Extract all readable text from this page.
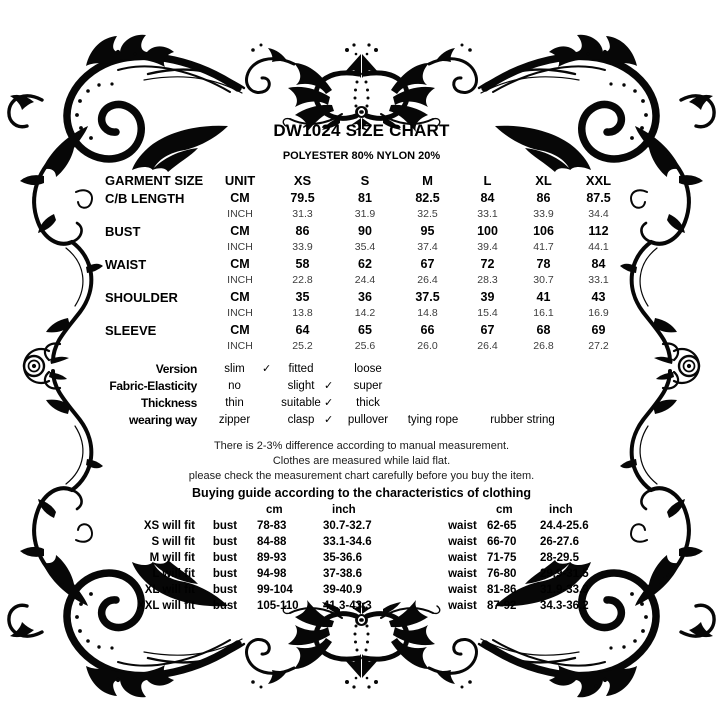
DW1024 SIZE CHART
POLYESTER 80% NYLON 20%
GARMENT SIZE	UNIT	XS	S	M	L	XL	XXL
C/B LENGTH	CM	79.5	81	82.5	84	86	87.5
INCH	31.3	31.9	32.5	33.1	33.9	34.4
BUST	CM	86	90	95	100	106	112
INCH	33.9	35.4	37.4	39.4	41.7	44.1
WAIST	CM	58	62	67	72	78	84
INCH	22.8	24.4	26.4	28.3	30.7	33.1
SHOULDER	CM	35	36	37.5	39	41	43
INCH	13.8	14.2	14.8	15.4	16.1	16.9
SLEEVE	CM	64	65	66	67	68	69
INCH	25.2	25.6	26.0	26.4	26.8	27.2
Version	slim	✓	fitted	loose
Fabric-Elasticity	no	slight ✓	super
Thickness	thin	suitable ✓	thick
wearing way	zipper	clasp ✓	pullover	tying rope	rubber string
There is 2-3% difference according to manual measurement.
Clothes are measured while laid flat.
please check the measurement chart carefully before you buy the item.
Buying guide according to the characteristics of clothing
cm	inch	cm	inch
XS will fit	bust	78-83	30.7-32.7	waist 62-65	24.4-25.6
S will fit	bust	84-88	33.1-34.6	waist 66-70	26-27.6
M will fit	bust	89-93	35-36.6	waist 71-75	28-29.5
L will fit	bust	94-98	37-38.6	waist 76-80	29.9-31.5
XL will fit	bust	99-104	39-40.9	waist 81-86	31.9-33.9
XXL will fit	bust	105-110	41.3-43.3	waist 87-92	34.3-36.2
